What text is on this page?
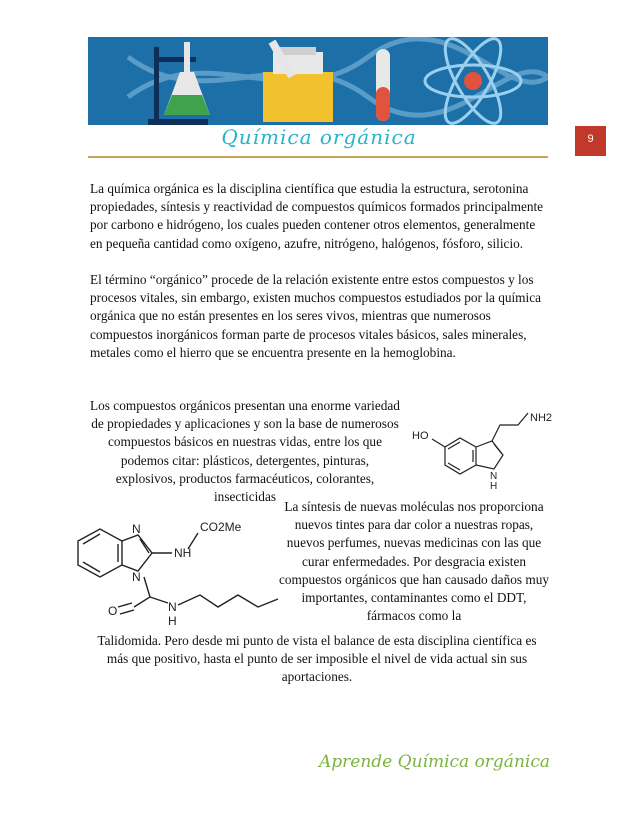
Química orgánica	9

La química orgánica es la disciplina científica que estudia la estructura, serotonina propiedades, síntesis y reactividad de compuestos químicos formados principalmente por carbono e hidrógeno, los cuales pueden contener otros elementos, generalmente en pequeña cantidad como oxígeno, azufre, nitrógeno, halógenos, fósforo, silicio.

El término “orgánico” procede de la relación existente entre estos compuestos y los procesos vitales, sin embargo, existen muchos compuestos estudiados por la química orgánica que no están presentes en los seres vivos, mientras que numerosos compuestos inorgánicos forman parte de procesos vitales básicos, sales minerales, metales como el hierro que se encuentra presente en la hemoglobina.

Los compuestos orgánicos presentan una enorme variedad de propiedades y aplicaciones y son la base de numerosos compuestos básicos en nuestras vidas, entre los que podemos citar: plásticos, detergentes, pinturas, explosivos, productos farmacéuticos, colorantes, insecticidas

La síntesis de nuevas moléculas nos proporciona nuevos tintes para dar color a nuestras ropas, nuevos perfumes, nuevas medicinas con las que curar enfermedades. Por desgracia existen compuestos orgánicos que han causado daños muy importantes, contaminantes como el DDT, fármacos como la

Talidomida. Pero desde mi punto de vista el balance de esta disciplina científica es más que positivo, hasta el punto de ser imposible el nivel de vida actual sin sus aportaciones.

HO
NH2
N
H
N
N
CO2Me
NH
O	N
H
Aprende Química orgánica
